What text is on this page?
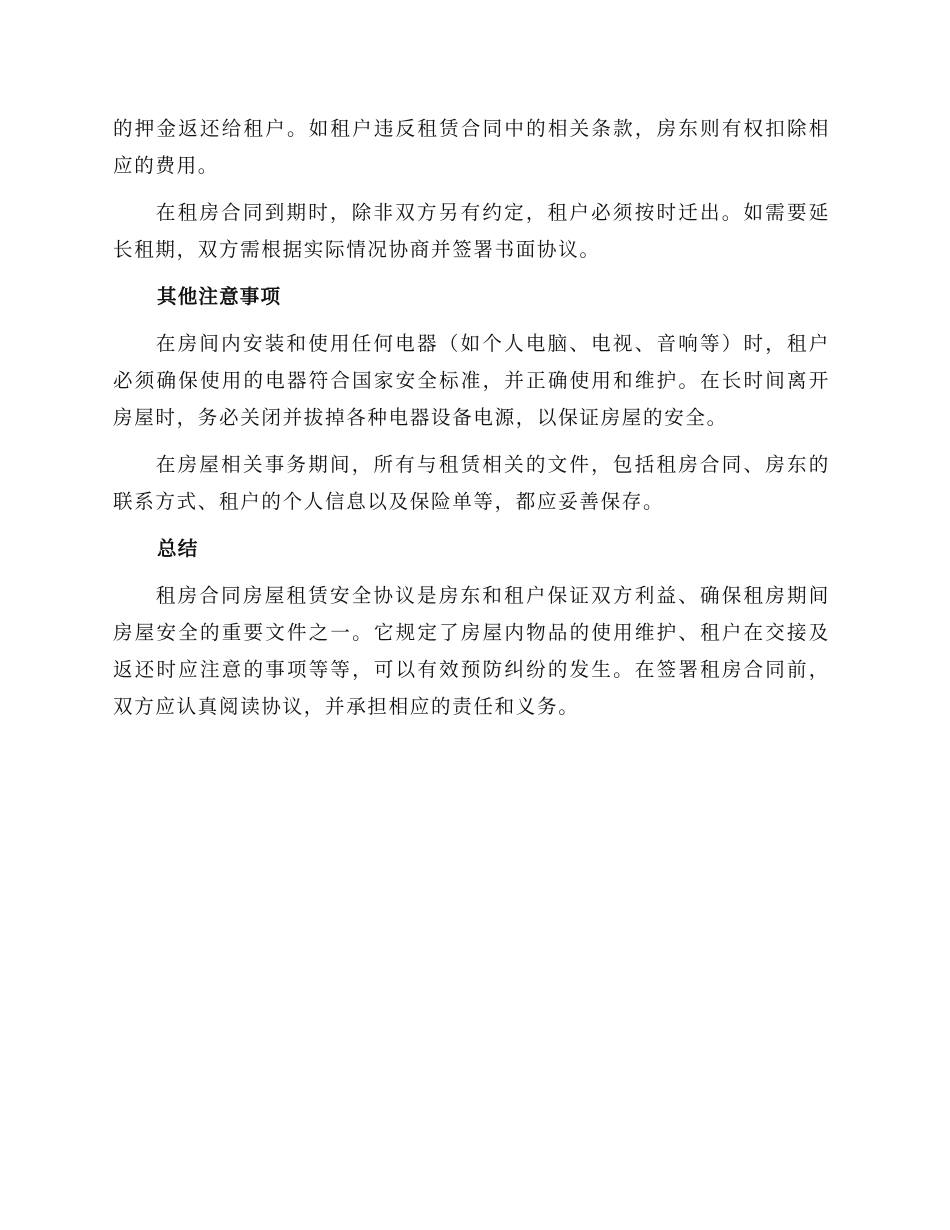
的押金返还给租户。如租户违反租赁合同中的相关条款，房东则有权扣除相应的费用。

在租房合同到期时，除非双方另有约定，租户必须按时迁出。如需要延长租期，双方需根据实际情况协商并签署书面协议。

其他注意事项

在房间内安装和使用任何电器（如个人电脑、电视、音响等）时，租户必须确保使用的电器符合国家安全标准，并正确使用和维护。在长时间离开房屋时，务必关闭并拔掉各种电器设备电源，以保证房屋的安全。

在房屋相关事务期间，所有与租赁相关的文件，包括租房合同、房东的联系方式、租户的个人信息以及保险单等，都应妥善保存。

总结

租房合同房屋租赁安全协议是房东和租户保证双方利益、确保租房期间房屋安全的重要文件之一。它规定了房屋内物品的使用维护、租户在交接及返还时应注意的事项等等，可以有效预防纠纷的发生。在签署租房合同前，双方应认真阅读协议，并承担相应的责任和义务。
